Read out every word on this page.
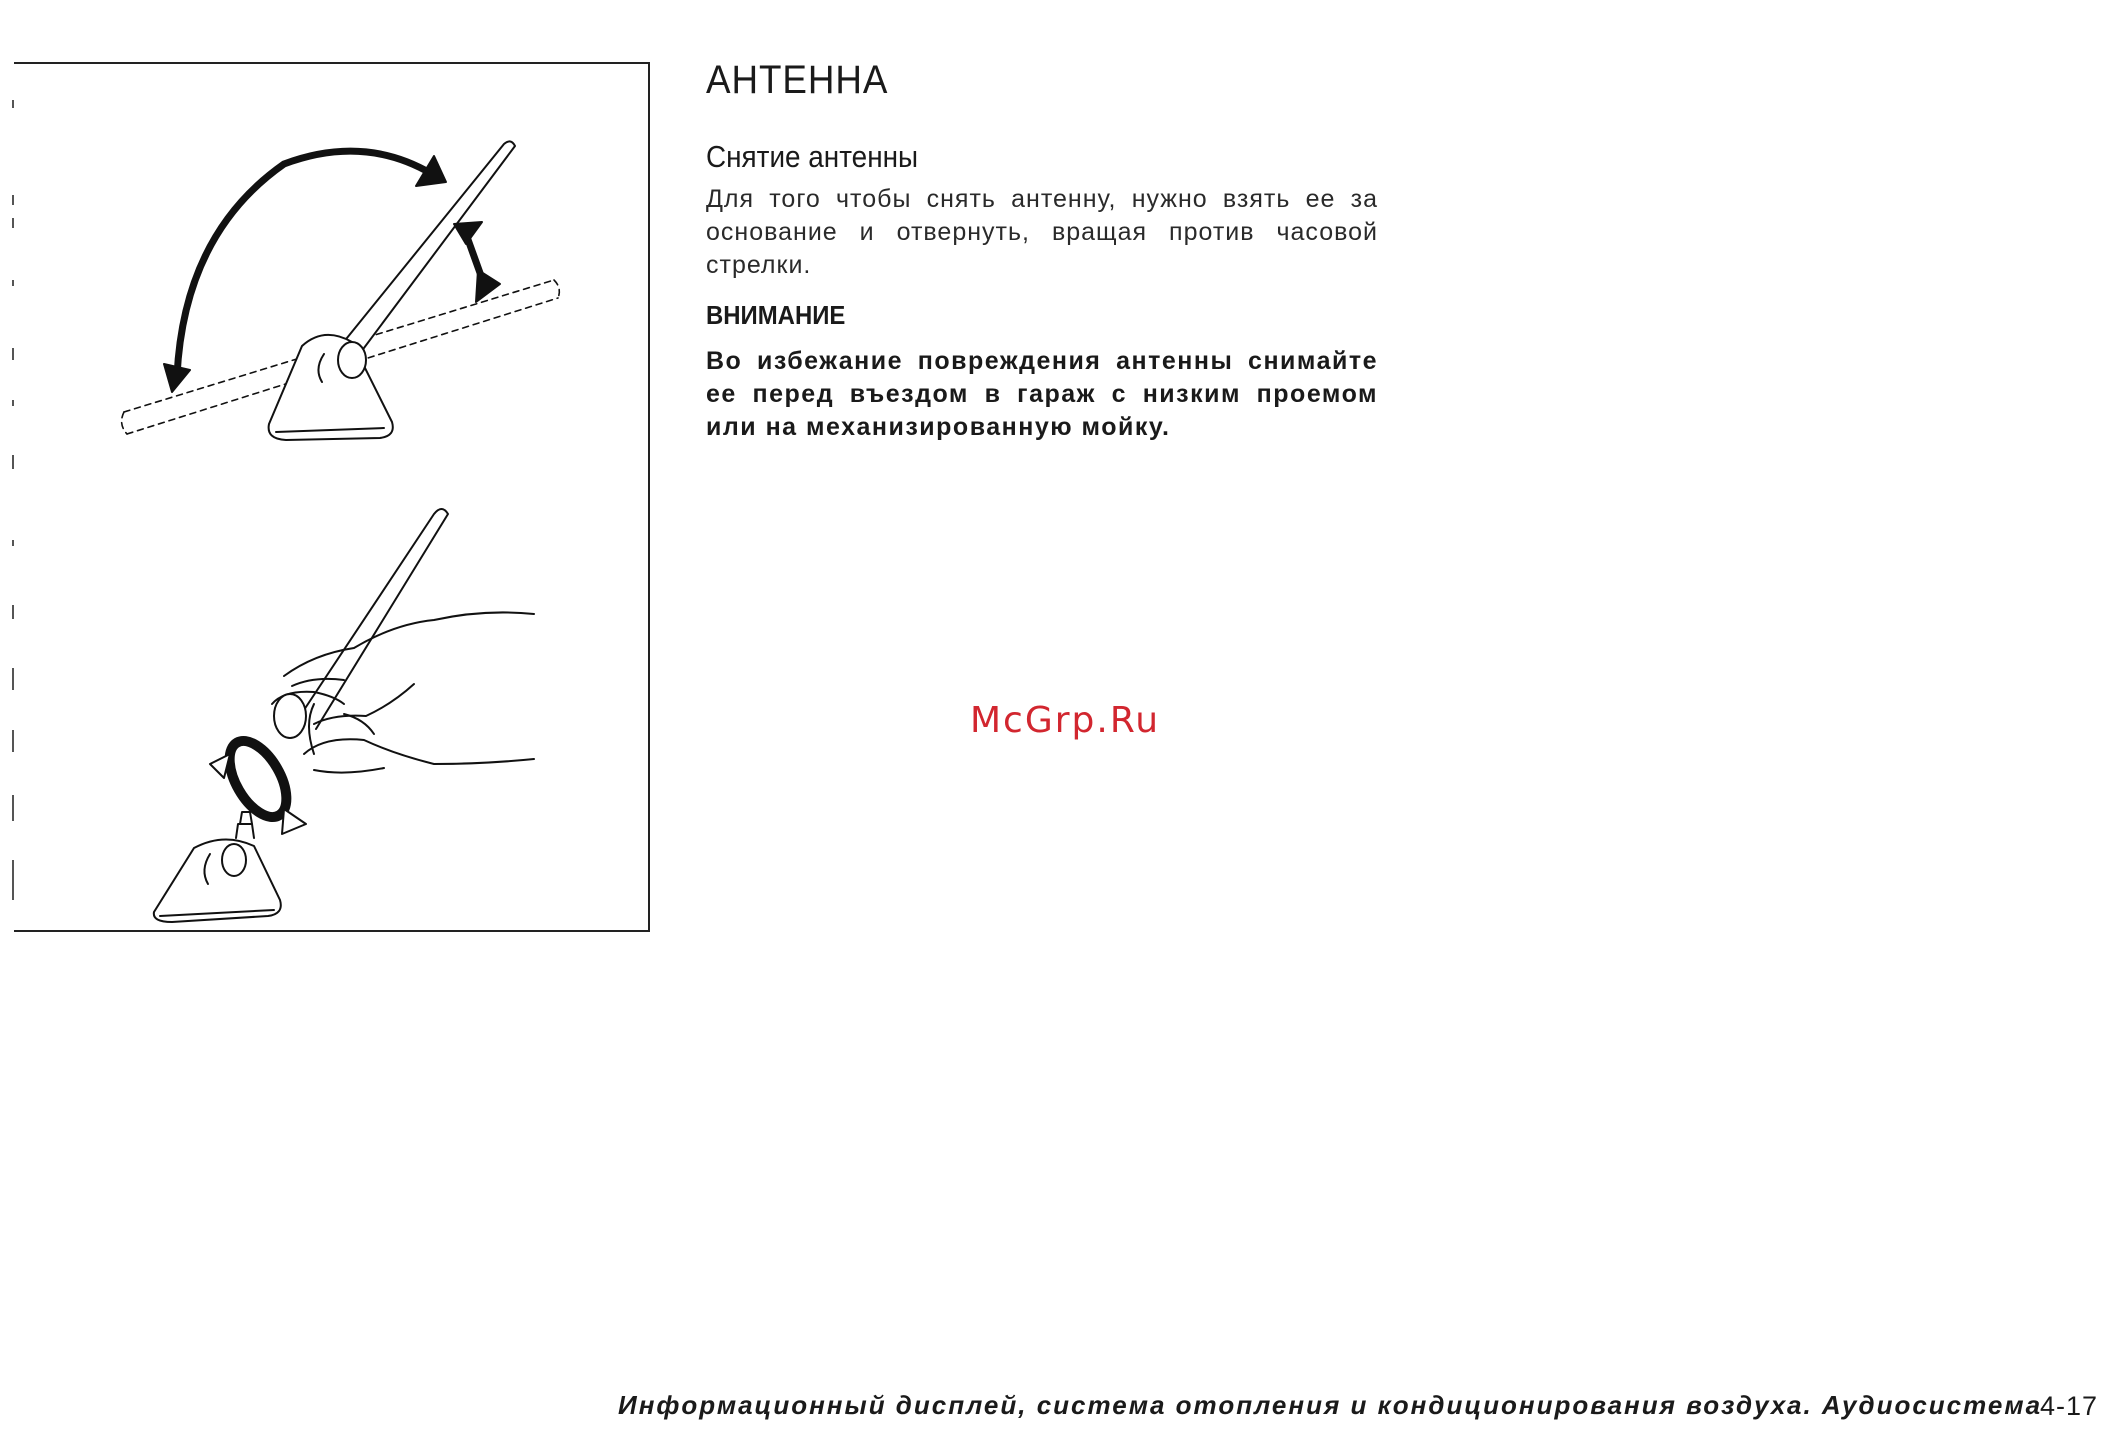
АНТЕННА
Снятие антенны

Для того чтобы снять антенну, нужно взять ее за основание и отвернуть, вращая против часовой стрелки.

ВНИМАНИЕ

Во избежание повреждения антенны снимайте ее перед въездом в гараж с низким проемом или на механизированную мойку.

McGrp.Ru
Информационный дисплей, система отопления и кондиционирования воздуха. Аудиосистема
4-17
